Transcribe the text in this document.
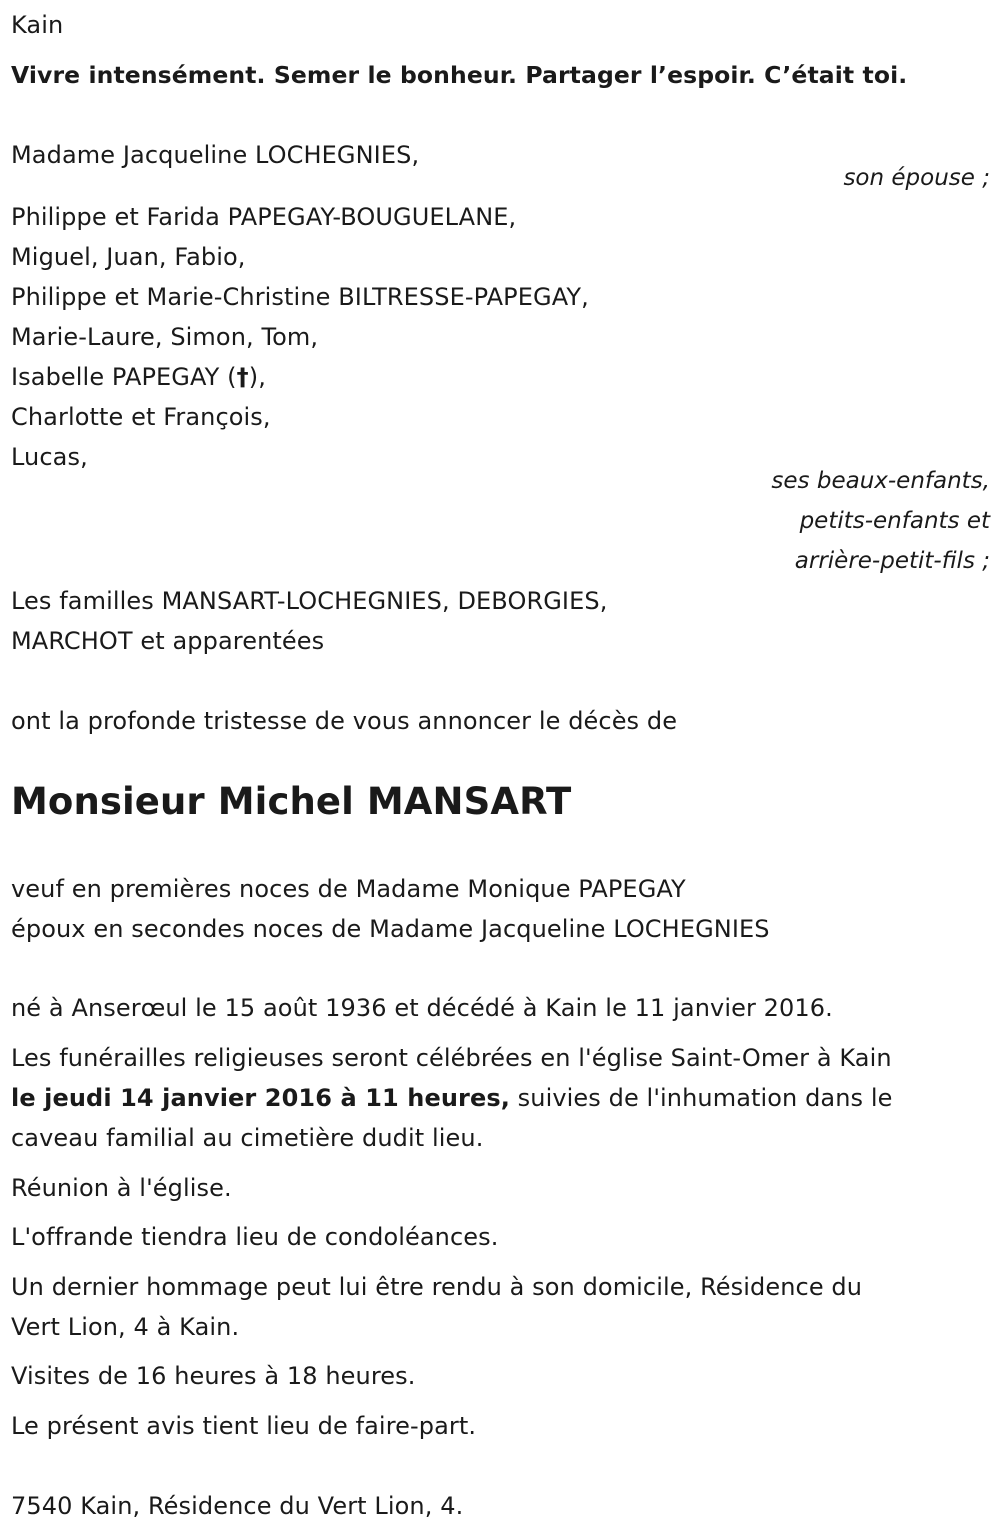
Kain
Vivre intensément. Semer le bonheur. Partager l’espoir. C’était toi.
Madame Jacqueline LOCHEGNIES,
son épouse ;
Philippe et Farida PAPEGAY-BOUGUELANE,
Miguel, Juan, Fabio,
Philippe et Marie-Christine BILTRESSE-PAPEGAY,
Marie-Laure, Simon, Tom,
Isabelle PAPEGAY (†),
Charlotte et François,
Lucas,
ses beaux-enfants,
petits-enfants et
arrière-petit-fils ;
Les familles MANSART-LOCHEGNIES, DEBORGIES,
MARCHOT et apparentées
ont la profonde tristesse de vous annoncer le décès de
Monsieur Michel MANSART
veuf en premières noces de Madame Monique PAPEGAY
époux en secondes noces de Madame Jacqueline LOCHEGNIES
né à Anserœul le 15 août 1936 et décédé à Kain le 11 janvier 2016.
Les funérailles religieuses seront célébrées en l'église Saint-Omer à Kain
le jeudi 14 janvier 2016 à 11 heures, suivies de l'inhumation dans le
caveau familial au cimetière dudit lieu.
Réunion à l'église.
L'offrande tiendra lieu de condoléances.
Un dernier hommage peut lui être rendu à son domicile, Résidence du
Vert Lion, 4 à Kain.
Visites de 16 heures à 18 heures.
Le présent avis tient lieu de faire-part.
7540 Kain, Résidence du Vert Lion, 4.
